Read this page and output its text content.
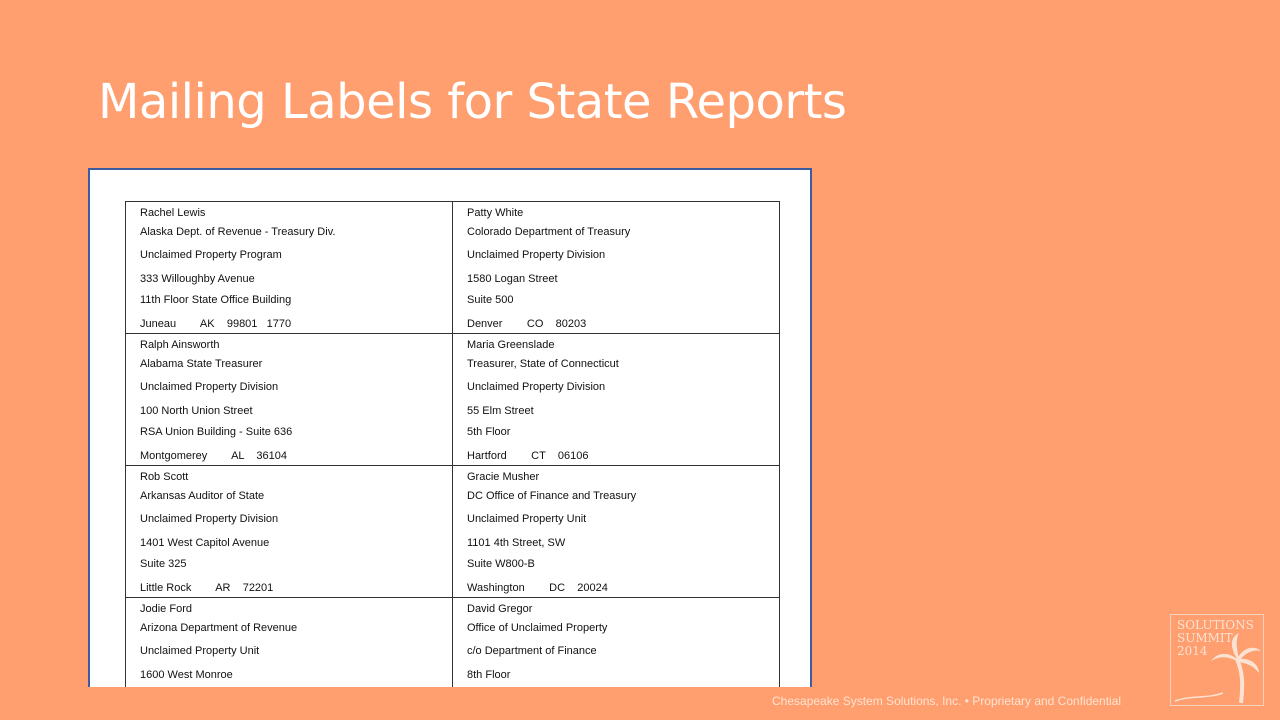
Mailing Labels for State Reports
Rachel Lewis
Alaska Dept. of Revenue - Treasury Div.
Unclaimed Property Program
333 Willoughby Avenue
11th Floor State Office Building
Juneau        AK    99801   1770
Patty White
Colorado Department of Treasury
Unclaimed Property Division
1580 Logan Street
Suite 500
Denver        CO    80203
Ralph Ainsworth
Alabama State Treasurer
Unclaimed Property Division
100 North Union Street
RSA Union Building - Suite 636
Montgomerey        AL    36104
Maria Greenslade
Treasurer, State of Connecticut
Unclaimed Property Division
55 Elm Street
5th Floor
Hartford        CT    06106
Rob Scott
Arkansas Auditor of State
Unclaimed Property Division
1401 West Capitol Avenue
Suite 325
Little Rock        AR    72201
Gracie Musher
DC Office of Finance and Treasury
Unclaimed Property Unit
1101 4th Street, SW
Suite W800-B
Washington        DC    20024
Jodie Ford
Arizona Department of Revenue
Unclaimed Property Unit
1600 West Monroe
David Gregor
Office of Unclaimed Property
c/o Department of Finance
8th Floor
Chesapeake System Solutions, Inc. • Proprietary and Confidential
SOLUTIONS
SUMMIT
2014
